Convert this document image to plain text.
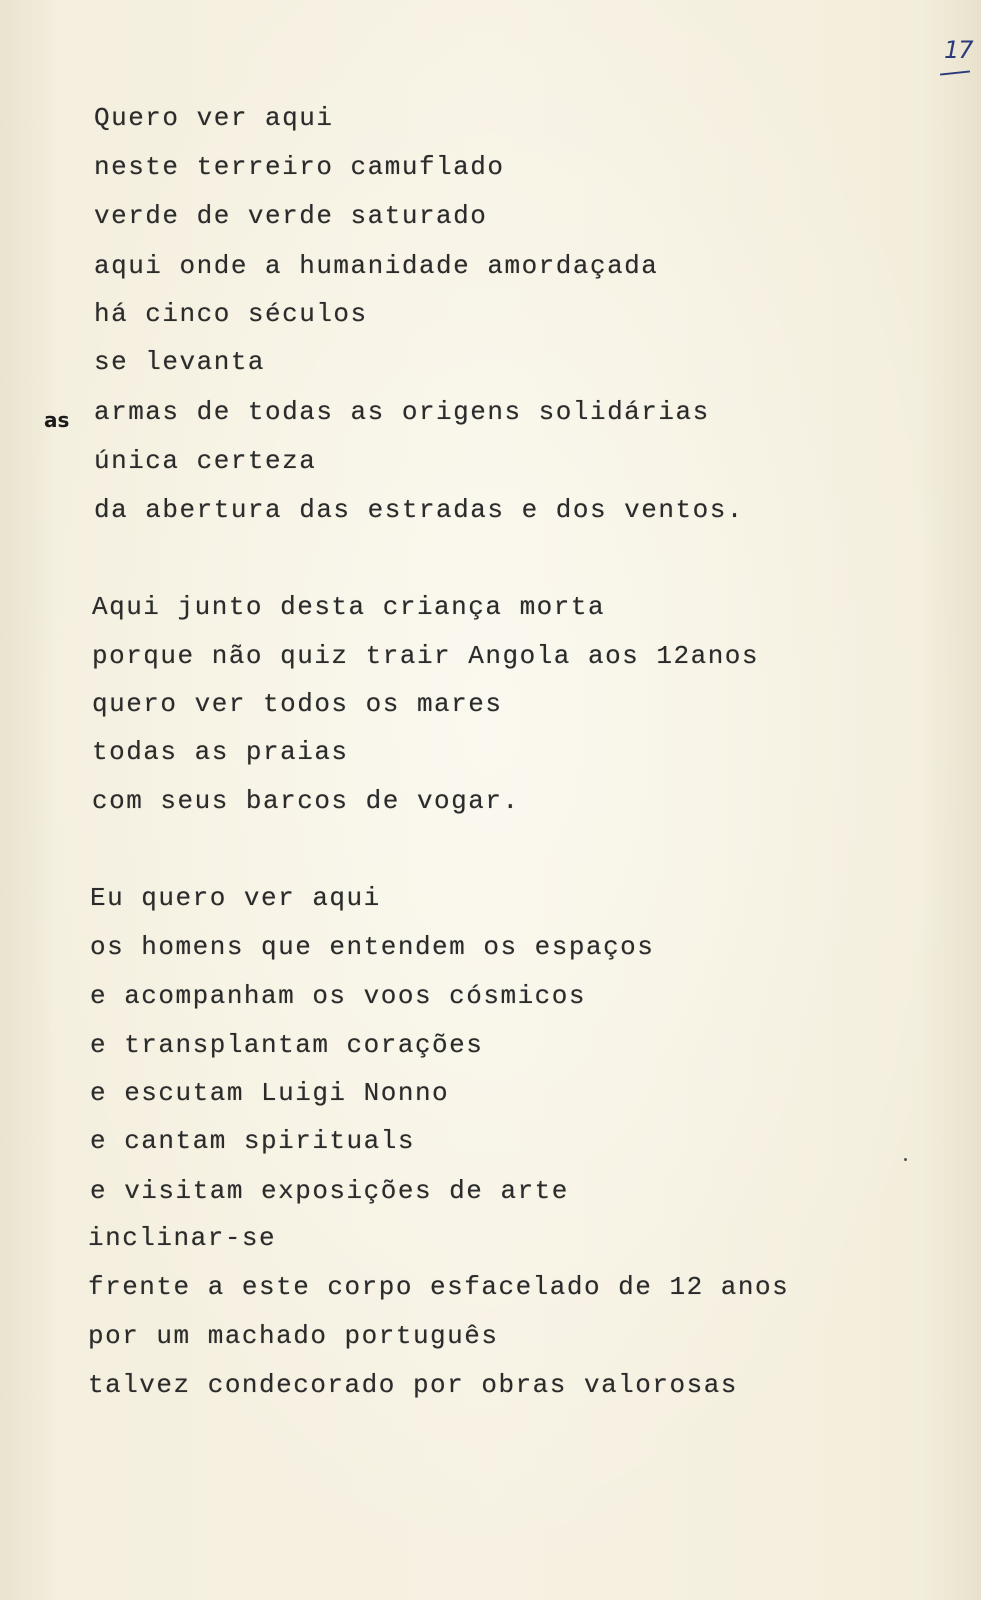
17
as
Quero ver aqui
neste terreiro camuflado
verde de verde saturado
aqui onde a humanidade amordaçada
há cinco séculos
se levanta
armas de todas as origens solidárias
única certeza
da abertura das estradas e dos ventos.
Aqui junto desta criança morta
porque não quiz trair Angola aos 12anos
quero ver todos os mares
todas as praias
com seus barcos de vogar.
Eu quero ver aqui
os homens que entendem os espaços
e acompanham os voos cósmicos
e transplantam corações
e escutam Luigi Nonno
e cantam spirituals
e visitam exposições de arte
inclinar-se
frente a este corpo esfacelado de 12 anos
por um machado português
talvez condecorado por obras valorosas
